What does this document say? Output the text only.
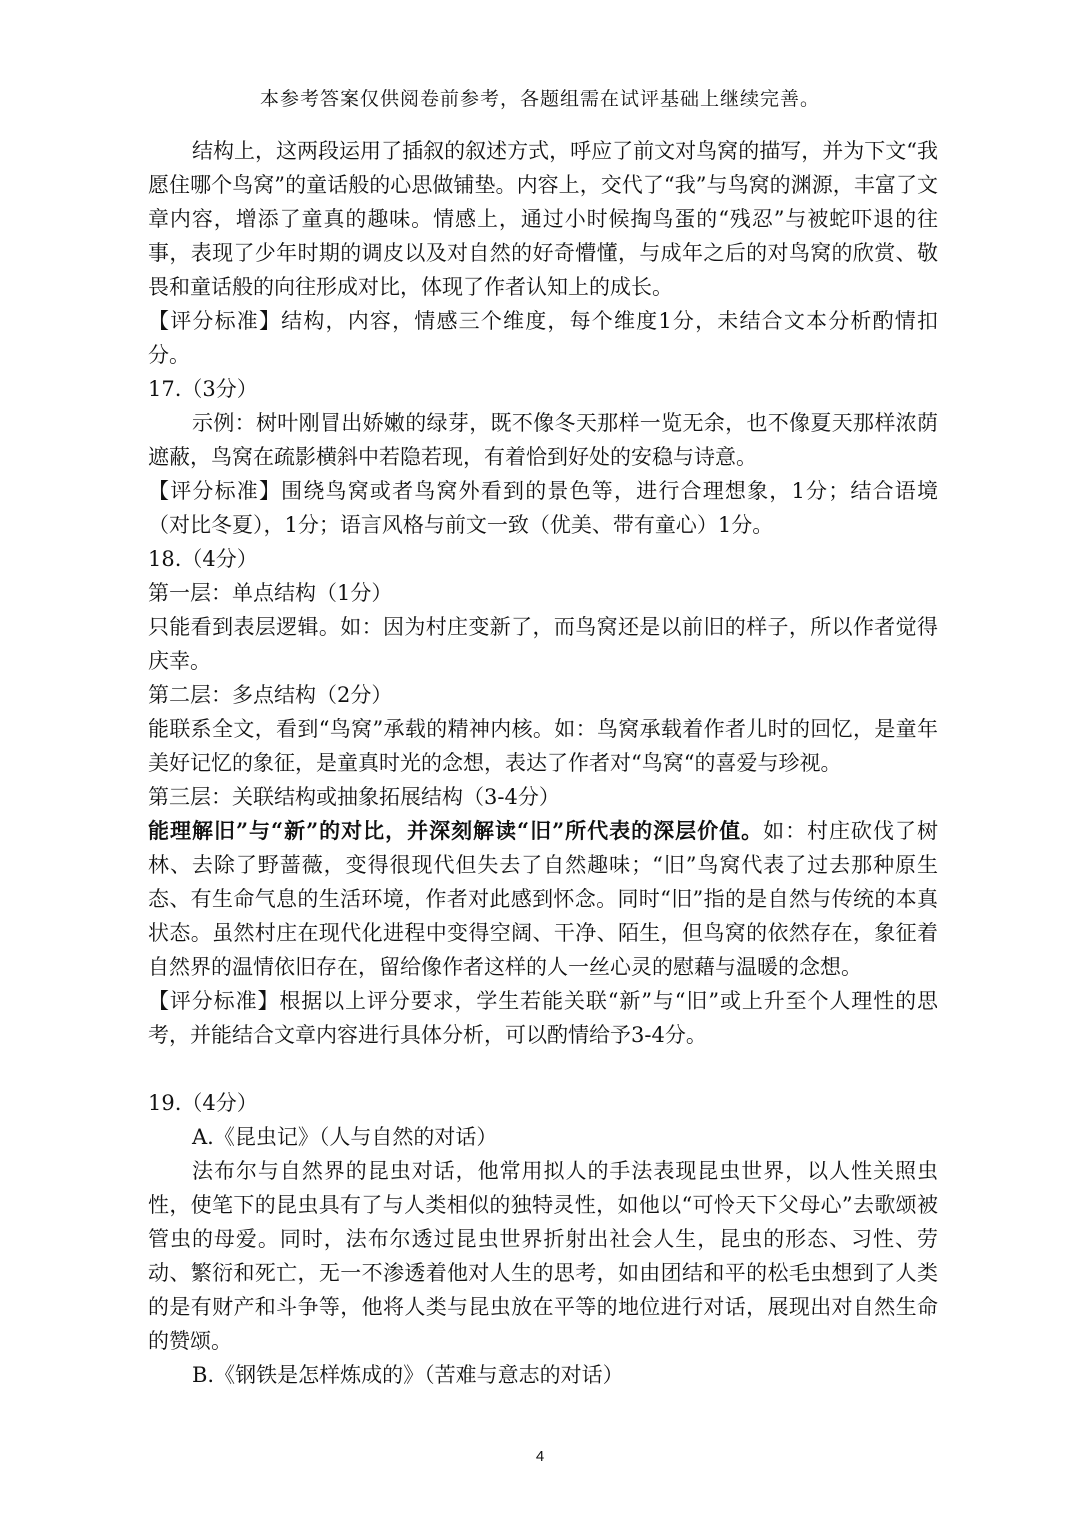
本参考答案仅供阅卷前参考，各题组需在试评基础上继续完善。

结构上，这两段运用了插叙的叙述方式，呼应了前文对鸟窝的描写，并为下文“我愿住哪个鸟窝”的童话般的心思做铺垫。内容上，交代了“我”与鸟窝的渊源，丰富了文章内容，增添了童真的趣味。情感上，通过小时候掏鸟蛋的“残忍”与被蛇吓退的往事，表现了少年时期的调皮以及对自然的好奇懵懂，与成年之后的对鸟窝的欣赏、敬畏和童话般的向往形成对比，体现了作者认知上的成长。

【评分标准】结构，内容，情感三个维度，每个维度1分，未结合文本分析酌情扣分。

17.（3分）

示例：树叶刚冒出娇嫩的绿芽，既不像冬天那样一览无余，也不像夏天那样浓荫遮蔽，鸟窝在疏影横斜中若隐若现，有着恰到好处的安稳与诗意。

【评分标准】围绕鸟窝或者鸟窝外看到的景色等，进行合理想象，1分；结合语境（对比冬夏），1分；语言风格与前文一致（优美、带有童心）1分。

18.（4分）

第一层：单点结构（1分）

只能看到表层逻辑。如：因为村庄变新了，而鸟窝还是以前旧的样子，所以作者觉得庆幸。

第二层：多点结构（2分）

能联系全文，看到“鸟窝”承载的精神内核。如：鸟窝承载着作者儿时的回忆，是童年美好记忆的象征，是童真时光的念想，表达了作者对“鸟窝“的喜爱与珍视。

第三层：关联结构或抽象拓展结构（3-4分）

能理解旧”与“新”的对比，并深刻解读“旧”所代表的深层价值。如：村庄砍伐了树林、去除了野蔷薇，变得很现代但失去了自然趣味；“旧”鸟窝代表了过去那种原生态、有生命气息的生活环境，作者对此感到怀念。同时“旧”指的是自然与传统的本真状态。虽然村庄在现代化进程中变得空阔、干净、陌生，但鸟窝的依然存在，象征着自然界的温情依旧存在，留给像作者这样的人一丝心灵的慰藉与温暖的念想。

【评分标准】根据以上评分要求，学生若能关联“新”与“旧”或上升至个人理性的思考，并能结合文章内容进行具体分析，可以酌情给予3-4分。

19.（4分）

A.《昆虫记》（人与自然的对话）

法布尔与自然界的昆虫对话，他常用拟人的手法表现昆虫世界，以人性关照虫性，使笔下的昆虫具有了与人类相似的独特灵性，如他以“可怜天下父母心”去歌颂被管虫的母爱。同时，法布尔透过昆虫世界折射出社会人生，昆虫的形态、习性、劳动、繁衍和死亡，无一不渗透着他对人生的思考，如由团结和平的松毛虫想到了人类的是有财产和斗争等，他将人类与昆虫放在平等的地位进行对话，展现出对自然生命的赞颂。

B.《钢铁是怎样炼成的》（苦难与意志的对话）

4
